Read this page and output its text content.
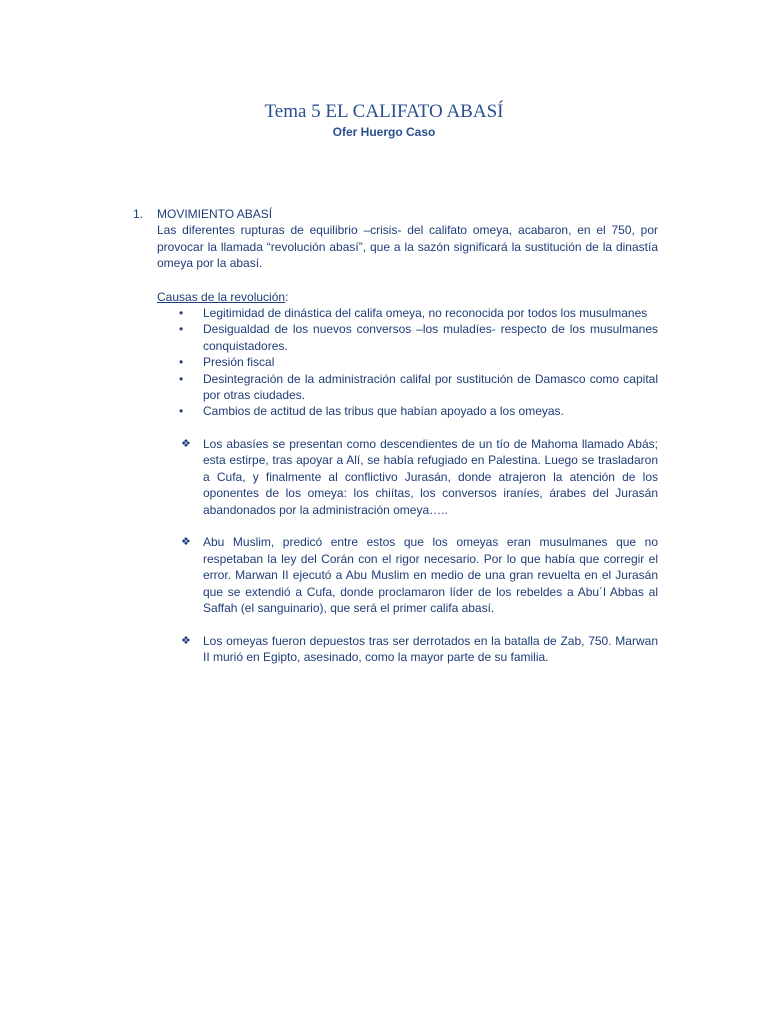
Tema 5 EL CALIFATO ABASÍ
Ofer Huergo Caso
1.	MOVIMIENTO ABASÍ

Las diferentes rupturas de equilibrio –crisis- del califato omeya, acabaron, en el 750, por provocar la llamada “revolución abasí”, que a la sazón significará la sustitución de la dinastía omeya por la abasí.

Causas de la revolución:

• Legitimidad de dinástica del califa omeya, no reconocida por todos los musulmanes
• Desigualdad de los nuevos conversos –los muladíes- respecto de los musulmanes conquistadores.
• Presión fiscal
• Desintegración de la administración califal por sustitución de Damasco como capital por otras ciudades.
• Cambios de actitud de las tribus que habían apoyado a los omeyas.
❖ Los abasíes se presentan como descendientes de un tío de Mahoma llamado Abás; esta estirpe, tras apoyar a Alí, se había refugiado en Palestina. Luego se trasladaron a Cufa, y finalmente al conflictivo Jurasán, donde atrajeron la atención de los oponentes de los omeya: los chiítas, los conversos iraníes, árabes del Jurasán abandonados por la administración omeya…..
❖ Abu Muslim, predicó entre estos que los omeyas eran musulmanes que no respetaban la ley del Corán con el rigor necesario. Por lo que había que corregir el error. Marwan II ejecutó a Abu Muslim en medio de una gran revuelta en el Jurasán que se extendió a Cufa, donde proclamaron líder de los rebeldes a Abu´l Abbas al Saffah (el sanguinario), que será el primer califa abasí.
❖ Los omeyas fueron depuestos tras ser derrotados en la batalla de Zab, 750. Marwan II murió en Egipto, asesinado, como la mayor parte de su familia.
